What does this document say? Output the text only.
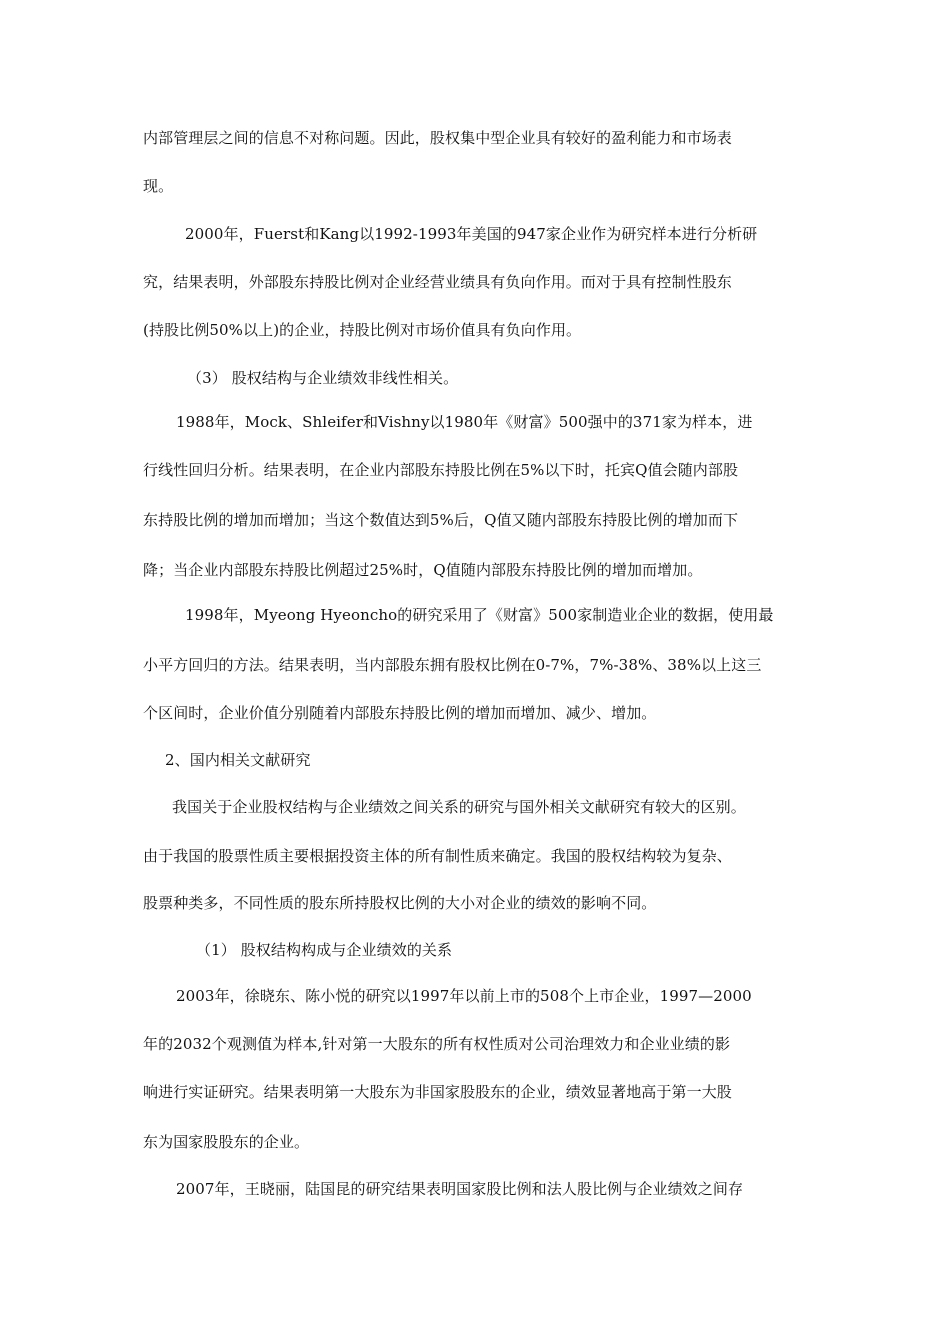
内部管理层之间的信息不对称问题。因此，股权集中型企业具有较好的盈利能力和市场表
现。
2000年，Fuerst和Kang以1992-1993年美国的947家企业作为研究样本进行分析研
究，结果表明，外部股东持股比例对企业经营业绩具有负向作用。而对于具有控制性股东
(持股比例50%以上)的企业，持股比例对市场价值具有负向作用。
（3） 股权结构与企业绩效非线性相关。
1988年，Mock、Shleifer和Vishny以1980年《财富》500强中的371家为样本，进
行线性回归分析。结果表明，在企业内部股东持股比例在5%以下时，托宾Q值会随内部股
东持股比例的增加而增加；当这个数值达到5%后，Q值又随内部股东持股比例的增加而下
降；当企业内部股东持股比例超过25%时，Q值随内部股东持股比例的增加而增加。
1998年，Myeong Hyeoncho的研究采用了《财富》500家制造业企业的数据，使用最
小平方回归的方法。结果表明，当内部股东拥有股权比例在0-7%，7%-38%、38%以上这三
个区间时，企业价值分别随着内部股东持股比例的增加而增加、减少、增加。
2、国内相关文献研究
我国关于企业股权结构与企业绩效之间关系的研究与国外相关文献研究有较大的区别。
由于我国的股票性质主要根据投资主体的所有制性质来确定。我国的股权结构较为复杂、
股票种类多，不同性质的股东所持股权比例的大小对企业的绩效的影响不同。
（1） 股权结构构成与企业绩效的关系
2003年，徐晓东、陈小悦的研究以1997年以前上市的508个上市企业，1997—2000
年的2032个观测值为样本,针对第一大股东的所有权性质对公司治理效力和企业业绩的影
响进行实证研究。结果表明第一大股东为非国家股股东的企业，绩效显著地高于第一大股
东为国家股股东的企业。
2007年，王晓丽，陆国昆的研究结果表明国家股比例和法人股比例与企业绩效之间存
